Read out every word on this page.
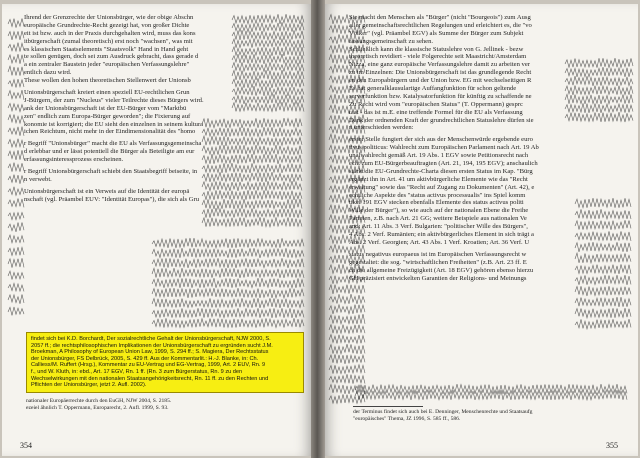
Ihrend der Grenzrechte der Unionsbürger, wie der obige Abschn
europäische Grundrechte-Recht gezeigt hat, von großer Dichte
eit ist bzw. auch in der Praxis durchgehalten wird, muss das kons
itbürgerschaft (zumal theoretisch) erst noch "wachsen", was mit
es klassischen Staatselements "Staatsvolk" Hand in Hand geht
te sollen genügen, doch sei zum Ausdruck gebracht, dass gerade d
a ein zentraler Baustein jeder "europäischen Verfassungslehre"
entlich dazu wird.
These wollen den hohen theoretischen Stellenwert der Unionsb
Unionsbürgerschaft kreiert einen speziell EU-rechtlichen Grun
J-Bürgern, der zum "Nucleus" vieler Teilrechte dieses Bürgers wird.
ank der Unionsbürgerschaft ist der EU-Bürger vom "Marktbü
zen" endlich zum Europa-Bürger geworden"; die Fixierung auf
konomie ist korrigiert; die EU sieht den einzelnen in seinem kultura
ichen Reichtum, nicht mehr in der Eindimensionalität des "homo
r Begriff "Unionsbürger" macht die EU als Verfassungsgemeinscha
d erlebbar und er lässt potentiell die Bürger als Beteiligte am eur
erfassungsinteressprozess erscheinen.
r Begriff Unionsbürgerschaft schiebt den Staatsbegriff beiseite, in
n verwebt.
Unionsbürgerschaft ist ein Verweis auf die Identität der europä
nschaft (vgl. Präambel EUV: "Identität Europas"), die sich als Gru
findet sich bei K.D. Borchardt, Der sozialrechtliche Gehalt der Unionsbürgerschaft, NJW 2000, S.
2057 ff.; die rechtsphilosophischen Implikationen der Unionsbürgerschaft zu ergründen sucht J.M.
Broekman, A Philosophy of European Union Law, 1999, S. 294 ff.; S. Magiera, Der Rechtsstatus
der Unionsbürger, FS Delbrück, 2005, S. 429 ff. Aus der Kommentarlit.: H.-J. Blanke, in: Ch.
Calliess/M. Ruffert (Hrsg.), Kommentar zu EU-Vertrag und EG-Vertrag, 1999, Art. 2 EUV, Rn. 9
f., und W. Kluth, in: ebd., Art. 17 EGV, Rn. 1 ff. (Rn. 3 zum Bürgerstatus, Rn. 9 zu den
Wechselwirkungen mit den nationalen Staatsangehörigkeitsrecht, Rn. 11 ff. zu den Rechten und
Pflichten der Unionsbürger, jetzt 2. Aufl. 2002).
nationaler Europäerrechte durch den EuGH, NJW 2004, S. 2185.
ezeiel ähnlich T. Oppermann, Europarecht, 2. Aufl. 1999, S. 93.
354
Sie macht den Menschen als "Bürger" (nicht "Bourgeois") zum Ausg
aller gemeinschaftsrechtlichen Regelungen und erleichtert es, die "vo
Völker" (vgl. Präambel EGV) als Summe der Bürger zum Subjekt
fassungsgemeinschaft zu sehen.
Schließlich kann die klassische Statuslehre von G. Jellinek - bezw
theoretisch revidiert - viele Folgerechte seit Maastricht/Amsterdam
Nizza, eine ganz europäische Verfassungslehre damit zu arbeiten ver
zu im Einzelnen: Die Unionsbürgerschaft ist das grundlegende Recht
en den Europabürgern und der Union bzw. EG mit wechselseitigen R
Es hat generalklausulartige Auffangfunktion für schon geltende
serverfunktion bzw. Katalysatorfunktion für künftig zu schaffende ne
Zu Recht wird vom "europäischen Status" (T. Oppermann) gesprc
taat - das ist m.E. eine treffende Formel für die EU als Verfassung
Dank der ordnenden Kraft der grundrechtlichen Statuslehre dürfen sie
n unterschieden werden:
erster Stelle fungiert der sich aus der Menschenwürde ergebende euro
tivus politicus: Wahlrecht zum Europäischen Parlament nach Art. 19 Ab
unalwahlrecht gemäß Art. 19 Abs. 1 EGV sowie Petitionsrecht nach
echt zum EU-Bürgerbeauftragten (Art. 21, 194, 195 EGV); anschaulich
stärkt die EU-Grundrechte-Charta diesen ersten Status im Kap. "Bürg
ergänzt ihn in Art. 41 um aktivbürgerliche Elemente wie das "Recht
erwaltung" sowie das "Recht auf Zugang zu Dokumenten" (Art. 42), e
echtliche Aspekte des "status activus processualis" ins Spiel komm
tikel 191 EGV stecken ebenfalls Elemente des status activus politi
Wille der Bürger"), so wie auch auf der nationalen Ebene die Freihe
Parteien, z.B. nach Art. 21 GG; weitere Beispiele aus nationalen Ve
and: Art. 11 Abs. 3 Verf. Bulgarien: "politischer Wille des Bürgers",
4 Abs. 2 Verf. Rumänien; ein aktivbürgerliches Element in sich trägt a
Abs. 2 Verf. Georgien; Art. 43 Abs. 1 Verf. Kroatien; Art. 36 Verf. U
status negativus europaeus ist im Europäischen Verfassungsrecht w
gegestaltet: die sog. "wirtschaftlichen Freiheiten" (z.B. Art. 23 ff. E
ch die allgemeine Freizügigkeit (Art. 18 EGV) gehören ebenso hierzu
GH präzisiert entwickelten Garantien der Religions- und Meinungs
der Terminus findet sich auch bei E. Denninger, Menschenrechte und Staatsaufg
"europäisches" Thema, JZ 1996, S. 585 ff., 586.
355
